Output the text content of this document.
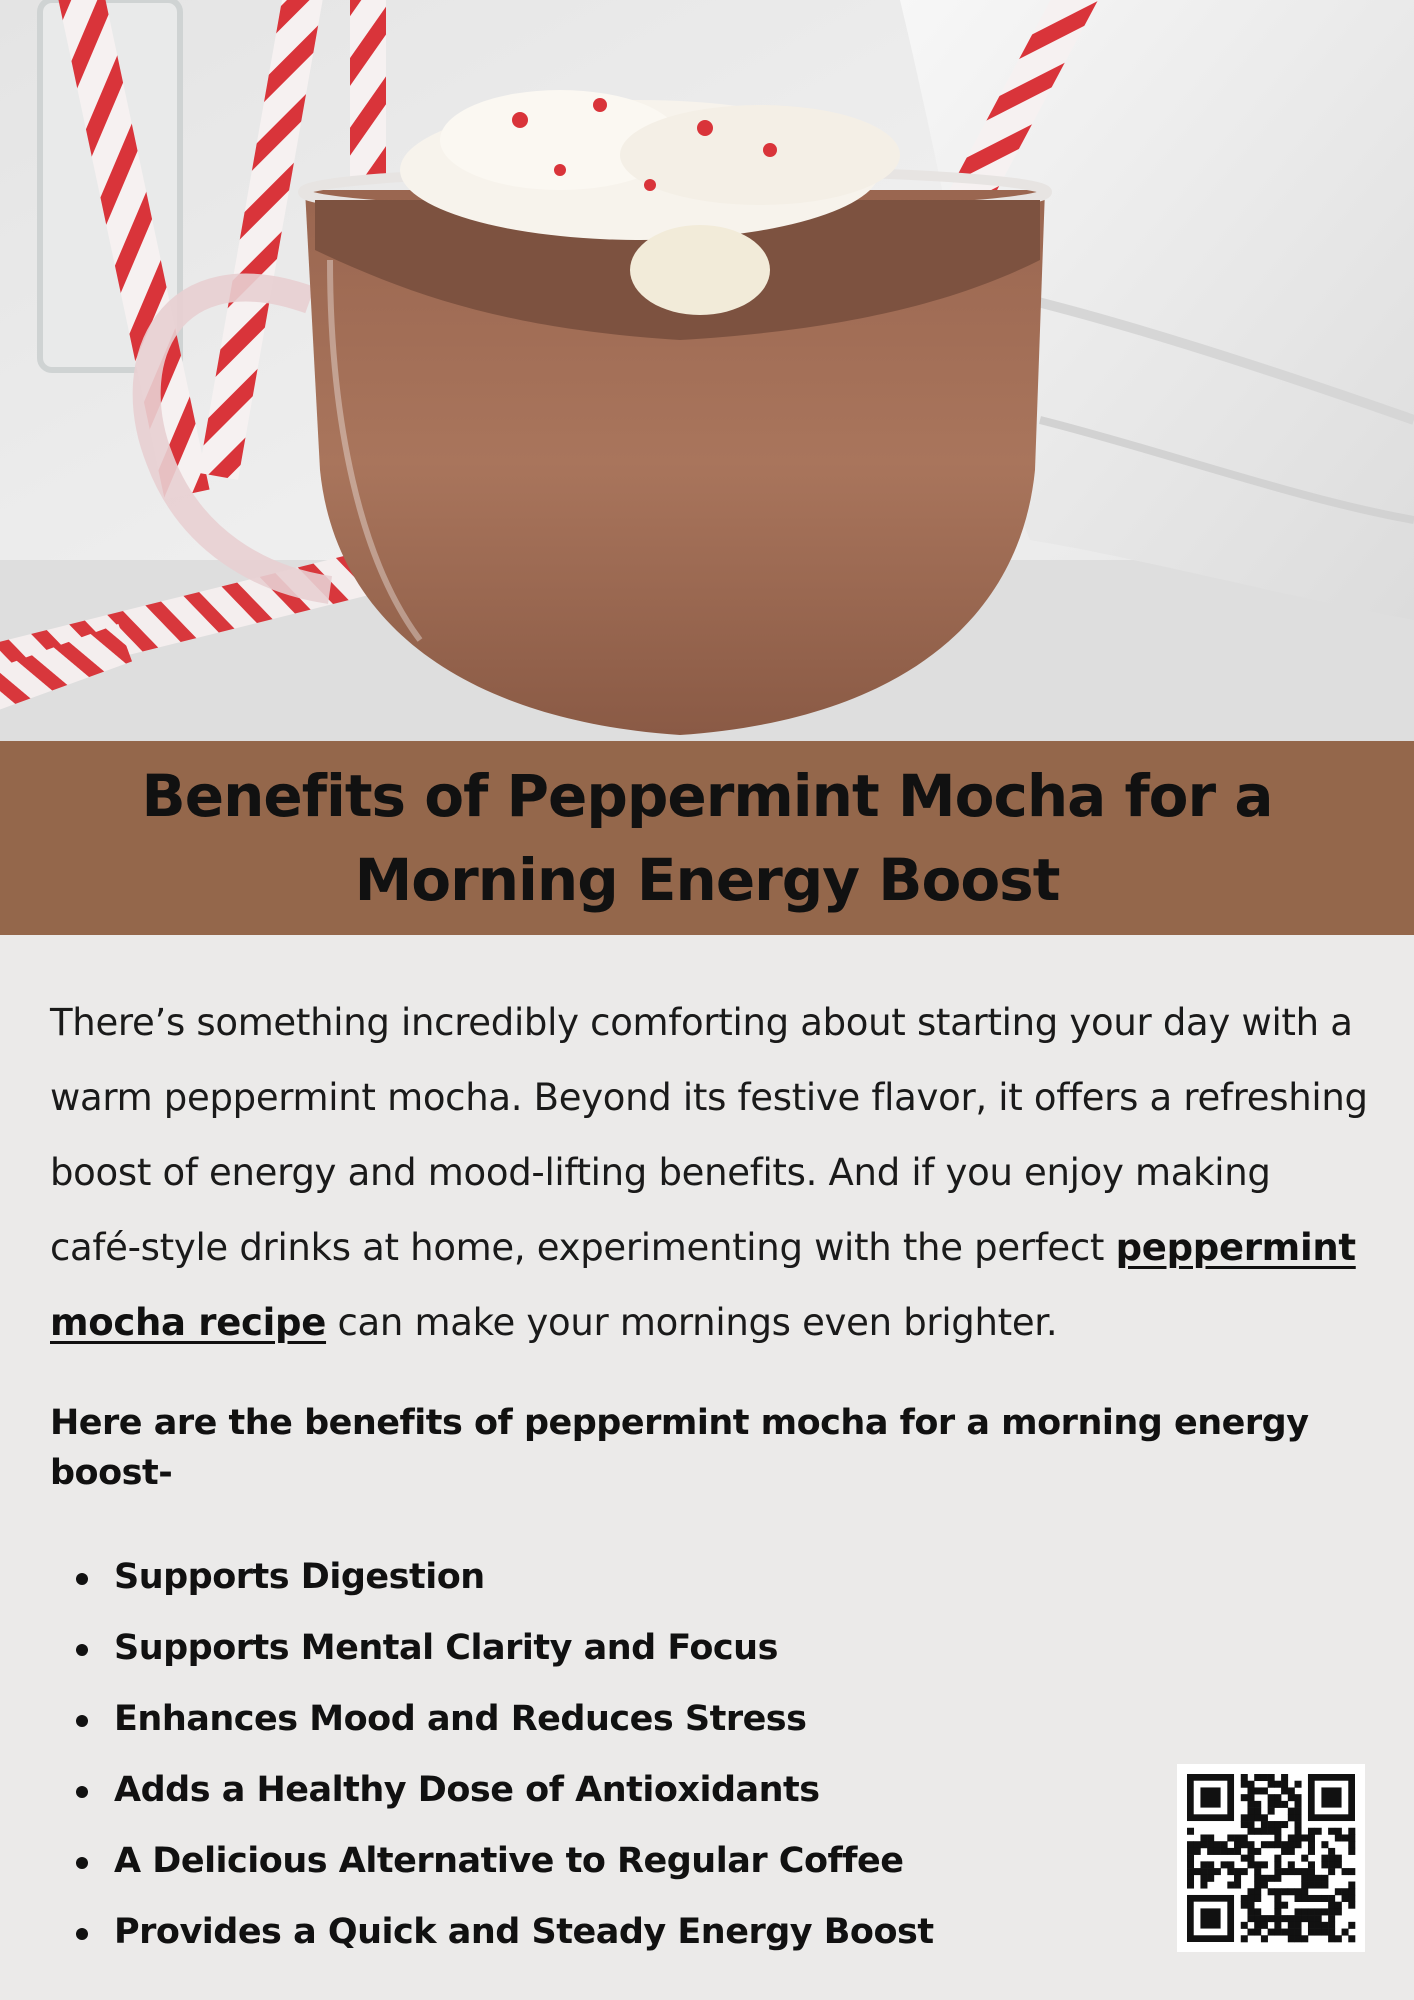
Benefits of Peppermint Mocha for a Morning Energy Boost

There’s something incredibly comforting about starting your day with a warm peppermint mocha. Beyond its festive flavor, it offers a refreshing boost of energy and mood-lifting benefits. And if you enjoy making café-style drinks at home, experimenting with the perfect peppermint mocha recipe can make your mornings even brighter.

Here are the benefits of peppermint mocha for a morning energy boost-

Supports Digestion
Supports Mental Clarity and Focus
Enhances Mood and Reduces Stress
Adds a Healthy Dose of Antioxidants
A Delicious Alternative to Regular Coffee
Provides a Quick and Steady Energy Boost
